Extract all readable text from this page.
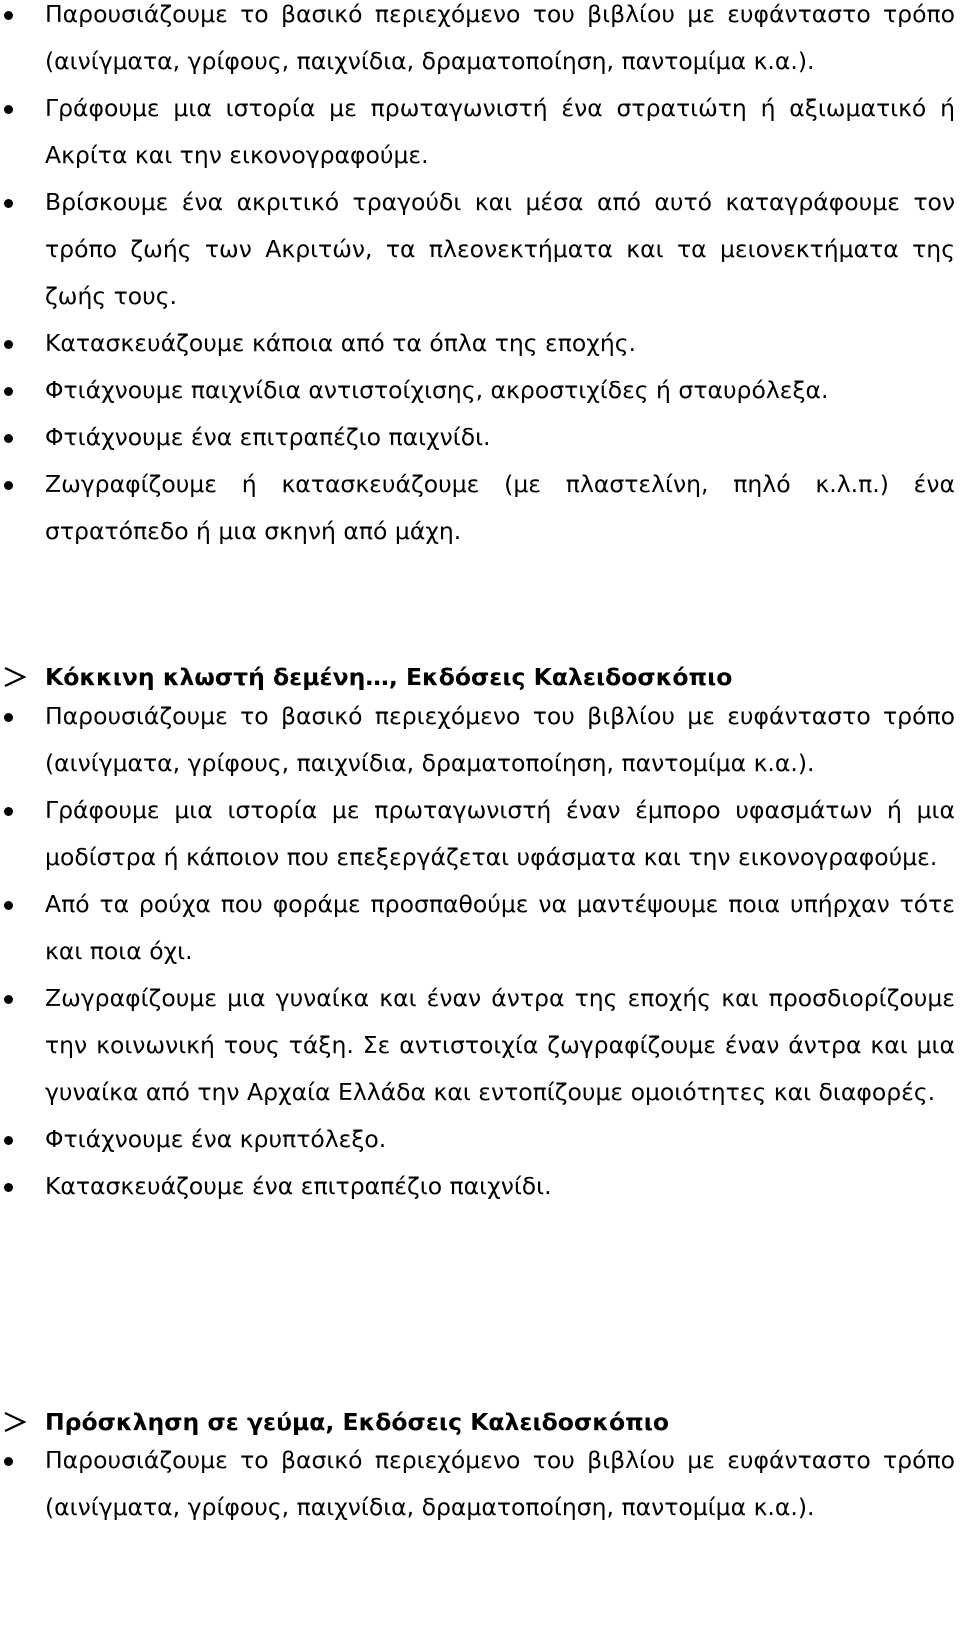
Παρουσιάζουμε το βασικό περιεχόμενο του βιβλίου με ευφάνταστο τρόπο (αινίγματα, γρίφους, παιχνίδια, δραματοποίηση, παντομίμα κ.α.).
Γράφουμε μια ιστορία με πρωταγωνιστή ένα στρατιώτη ή αξιωματικό ή Ακρίτα και την εικονογραφούμε.
Βρίσκουμε ένα ακριτικό τραγούδι και μέσα από αυτό καταγράφουμε τον τρόπο ζωής των Ακριτών, τα πλεονεκτήματα και τα μειονεκτήματα της ζωής τους.
Κατασκευάζουμε κάποια από τα όπλα της εποχής.
Φτιάχνουμε παιχνίδια αντιστοίχισης, ακροστιχίδες ή σταυρόλεξα.
Φτιάχνουμε ένα επιτραπέζιο παιχνίδι.
Ζωγραφίζουμε ή κατασκευάζουμε (με πλαστελίνη, πηλό κ.λ.π.) ένα στρατόπεδο ή μια σκηνή από μάχη.
Κόκκινη κλωστή δεμένη…, Εκδόσεις Καλειδοσκόπιο
Παρουσιάζουμε το βασικό περιεχόμενο του βιβλίου με ευφάνταστο τρόπο (αινίγματα, γρίφους, παιχνίδια, δραματοποίηση, παντομίμα κ.α.).
Γράφουμε μια ιστορία με πρωταγωνιστή έναν έμπορο υφασμάτων ή μια μοδίστρα ή κάποιον που επεξεργάζεται υφάσματα και την εικονογραφούμε.
Από τα ρούχα που φοράμε προσπαθούμε να μαντέψουμε ποια υπήρχαν τότε και ποια όχι.
Ζωγραφίζουμε μια γυναίκα και έναν άντρα της εποχής και προσδιορίζουμε την κοινωνική τους τάξη. Σε αντιστοιχία ζωγραφίζουμε έναν άντρα και μια γυναίκα από την Αρχαία Ελλάδα και εντοπίζουμε ομοιότητες και διαφορές.
Φτιάχνουμε ένα κρυπτόλεξο.
Κατασκευάζουμε ένα επιτραπέζιο παιχνίδι.
Πρόσκληση σε γεύμα, Εκδόσεις Καλειδοσκόπιο
Παρουσιάζουμε το βασικό περιεχόμενο του βιβλίου με ευφάνταστο τρόπο (αινίγματα, γρίφους, παιχνίδια, δραματοποίηση, παντομίμα κ.α.).
